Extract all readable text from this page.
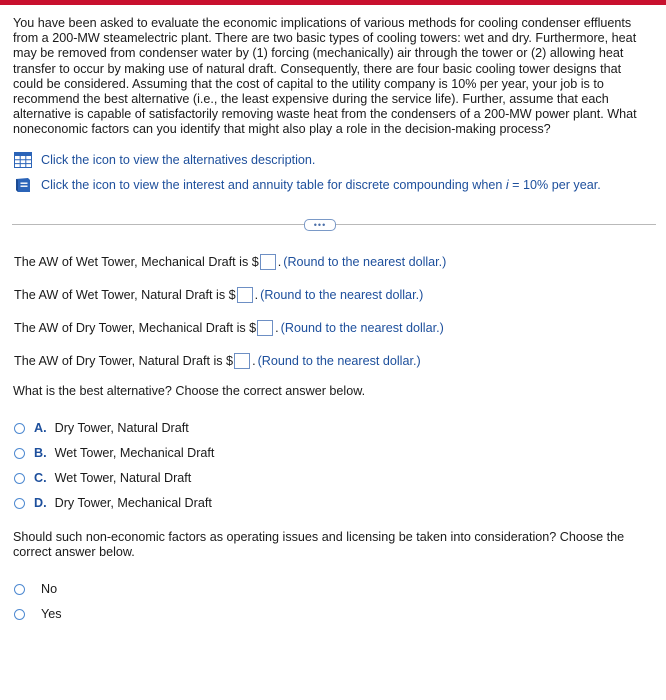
You have been asked to evaluate the economic implications of various methods for cooling condenser effluents from a 200-MW steamelectric plant. There are two basic types of cooling towers: wet and dry. Furthermore, heat may be removed from condenser water by (1) forcing (mechanically) air through the tower or (2) allowing heat transfer to occur by making use of natural draft. Consequently, there are four basic cooling tower designs that could be considered. Assuming that the cost of capital to the utility company is 10% per year, your job is to recommend the best alternative (i.e., the least expensive during the service life). Further, assume that each alternative is capable of satisfactorily removing waste heat from the condensers of a 200-MW power plant. What noneconomic factors can you identify that might also play a role in the decision-making process?

Click the icon to view the alternatives description.
Click the icon to view the interest and annuity table for discrete compounding when i = 10% per year.
•••
The AW of Wet Tower, Mechanical Draft is $ . (Round to the nearest dollar.)
The AW of Wet Tower, Natural Draft is $ . (Round to the nearest dollar.)
The AW of Dry Tower, Mechanical Draft is $ . (Round to the nearest dollar.)
The AW of Dry Tower, Natural Draft is $ . (Round to the nearest dollar.)

What is the best alternative? Choose the correct answer below.

A. Dry Tower, Natural Draft
B. Wet Tower, Mechanical Draft
C. Wet Tower, Natural Draft
D. Dry Tower, Mechanical Draft

Should such non-economic factors as operating issues and licensing be taken into consideration? Choose the correct answer below.

No
Yes
